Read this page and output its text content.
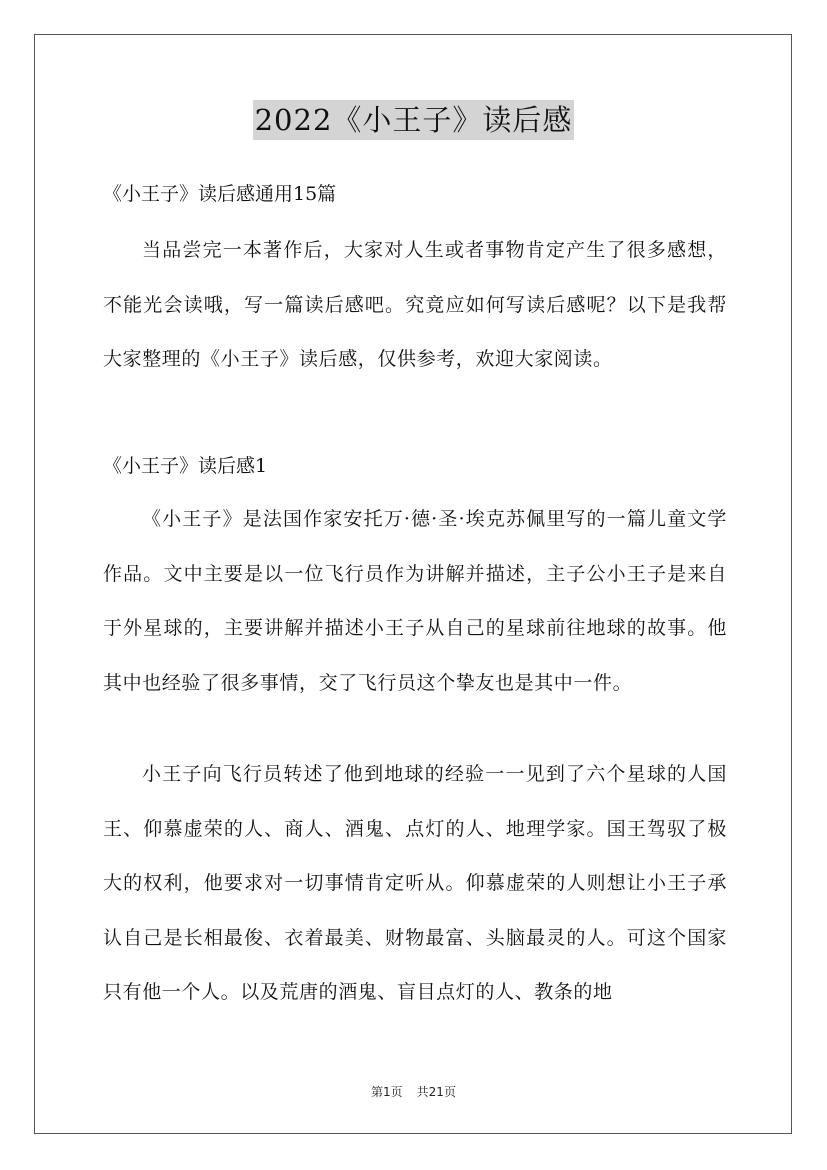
2022《小王子》读后感

《小王子》读后感通用15篇

当品尝完一本著作后，大家对人生或者事物肯定产生了很多感想，不能光会读哦，写一篇读后感吧。究竟应如何写读后感呢？以下是我帮大家整理的《小王子》读后感，仅供参考，欢迎大家阅读。

《小王子》读后感1

《小王子》是法国作家安托万·德·圣·埃克苏佩里写的一篇儿童文学作品。文中主要是以一位飞行员作为讲解并描述，主子公小王子是来自于外星球的，主要讲解并描述小王子从自己的星球前往地球的故事。他其中也经验了很多事情，交了飞行员这个挚友也是其中一件。

小王子向飞行员转述了他到地球的经验一一见到了六个星球的人国王、仰慕虚荣的人、商人、酒鬼、点灯的人、地理学家。国王驾驭了极大的权利，他要求对一切事情肯定听从。仰慕虚荣的人则想让小王子承认自己是长相最俊、衣着最美、财物最富、头脑最灵的人。可这个国家只有他一个人。以及荒唐的酒鬼、盲目点灯的人、教条的地

第1页 共21页
